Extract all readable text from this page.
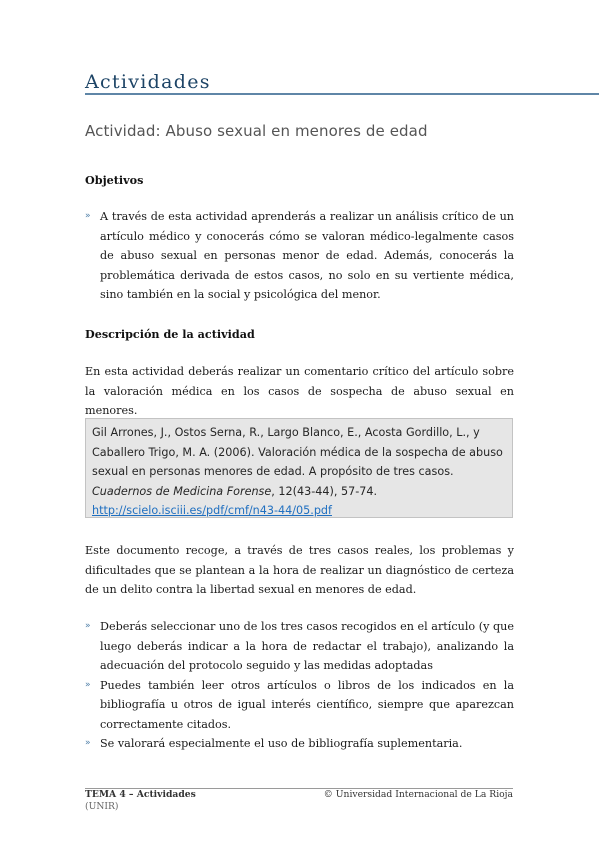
Actividades
Actividad: Abuso sexual en menores de edad
Objetivos
» A través de esta actividad aprenderás a realizar un análisis crítico de un artículo médico y conocerás cómo se valoran médico-legalmente casos de abuso sexual en personas menor de edad. Además, conocerás la problemática derivada de estos casos, no solo en su vertiente médica, sino también en la social y psicológica del menor.
Descripción de la actividad

En esta actividad deberás realizar un comentario crítico del artículo sobre la valoración médica en los casos de sospecha de abuso sexual en menores.

Gil Arrones, J., Ostos Serna, R., Largo Blanco, E., Acosta Gordillo, L., y Caballero Trigo, M. A. (2006). Valoración médica de la sospecha de abuso sexual en personas menores de edad. A propósito de tres casos. Cuadernos de Medicina Forense, 12(43-44), 57-74.
http://scielo.isciii.es/pdf/cmf/n43-44/05.pdf

Este documento recoge, a través de tres casos reales, los problemas y dificultades que se plantean a la hora de realizar un diagnóstico de certeza de un delito contra la libertad sexual en menores de edad.

» Deberás seleccionar uno de los tres casos recogidos en el artículo (y que luego deberás indicar a la hora de redactar el trabajo), analizando la adecuación del protocolo seguido y las medidas adoptadas
» Puedes también leer otros artículos o libros de los indicados en la bibliografía u otros de igual interés científico, siempre que aparezcan correctamente citados.
» Se valorará especialmente el uso de bibliografía suplementaria.
TEMA 4 – Actividades
(UNIR)
© Universidad Internacional de La Rioja
